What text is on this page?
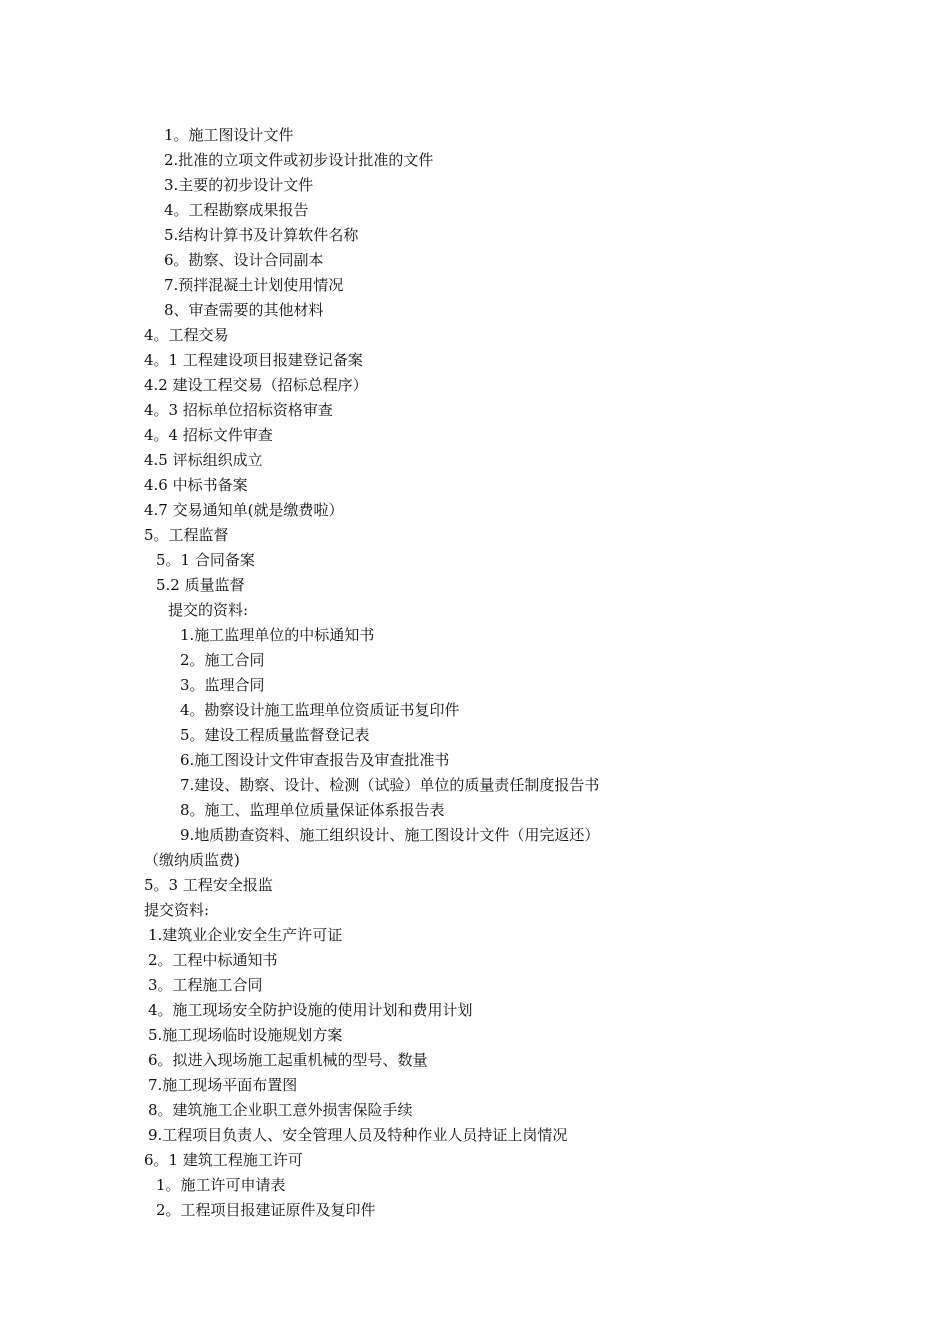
1。施工图设计文件
2.批准的立项文件或初步设计批准的文件
3.主要的初步设计文件
4。工程勘察成果报告
5.结构计算书及计算软件名称
6。勘察、设计合同副本
7.预拌混凝土计划使用情况
8、审查需要的其他材料
4。工程交易
4。1 工程建设项目报建登记备案
4.2 建设工程交易（招标总程序）
4。3 招标单位招标资格审查
4。4 招标文件审查
4.5 评标组织成立
4.6 中标书备案
4.7 交易通知单(就是缴费啦）
5。工程监督
5。1 合同备案
5.2 质量监督
提交的资料:
1.施工监理单位的中标通知书
2。施工合同
3。监理合同
4。勘察设计施工监理单位资质证书复印件
5。建设工程质量监督登记表
6.施工图设计文件审查报告及审查批准书
7.建设、勘察、设计、检测（试验）单位的质量责任制度报告书
8。施工、监理单位质量保证体系报告表
9.地质勘查资料、施工组织设计、施工图设计文件（用完返还）
（缴纳质监费)
5。3 工程安全报监
提交资料:
1.建筑业企业安全生产许可证
2。工程中标通知书
3。工程施工合同
4。施工现场安全防护设施的使用计划和费用计划
5.施工现场临时设施规划方案
6。拟进入现场施工起重机械的型号、数量
7.施工现场平面布置图
8。建筑施工企业职工意外损害保险手续
9.工程项目负责人、安全管理人员及特种作业人员持证上岗情况
6。1 建筑工程施工许可
1。施工许可申请表
2。工程项目报建证原件及复印件
